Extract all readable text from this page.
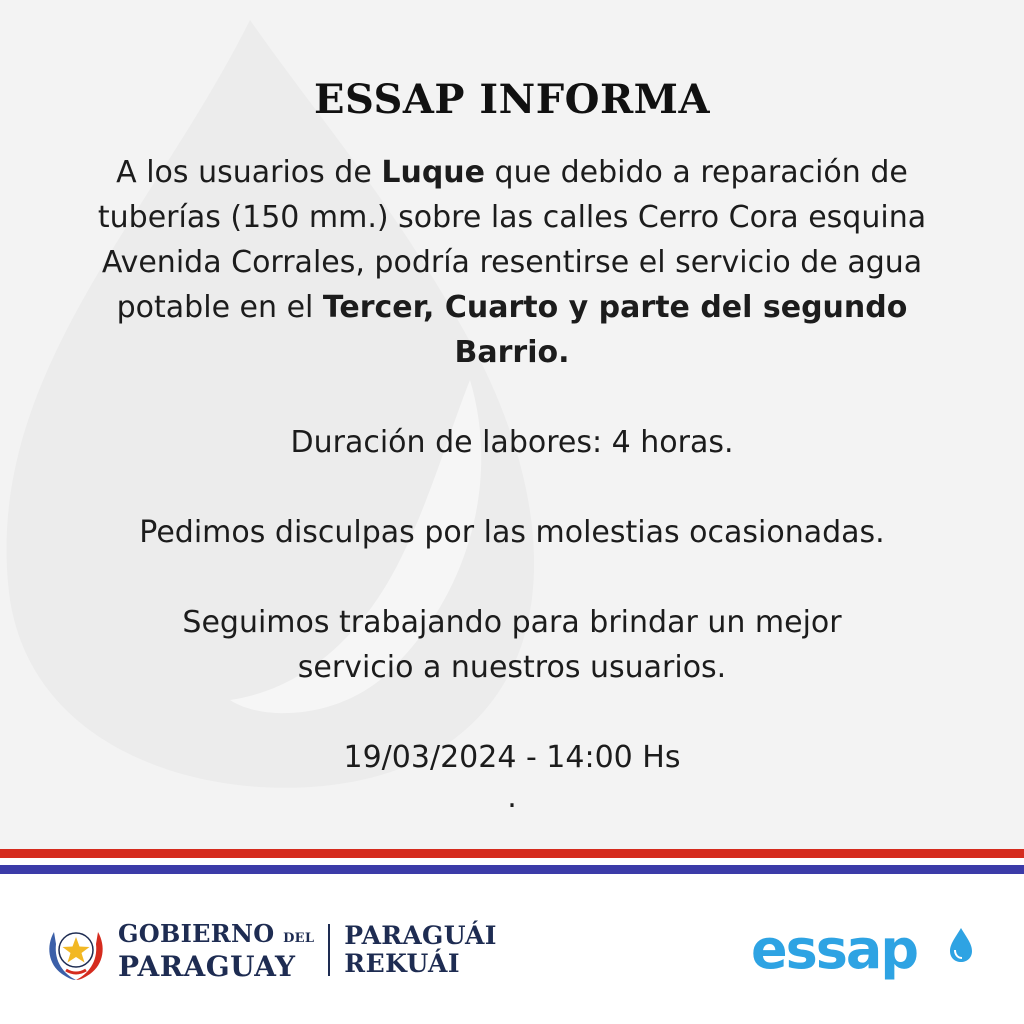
ESSAP INFORMA

A los usuarios de Luque que debido a reparación de tuberías (150 mm.) sobre las calles Cerro Cora esquina Avenida Corrales, podría resentirse el servicio de agua potable en el Tercer, Cuarto y parte del segundo Barrio.

Duración de labores: 4 horas.

Pedimos disculpas por las molestias ocasionadas.

Seguimos trabajando para brindar un mejor servicio a nuestros usuarios.

19/03/2024 - 14:00 Hs

.

GOBIERNO DEL
PARAGUAY
PARAGUÁI
REKUÁI	essap
